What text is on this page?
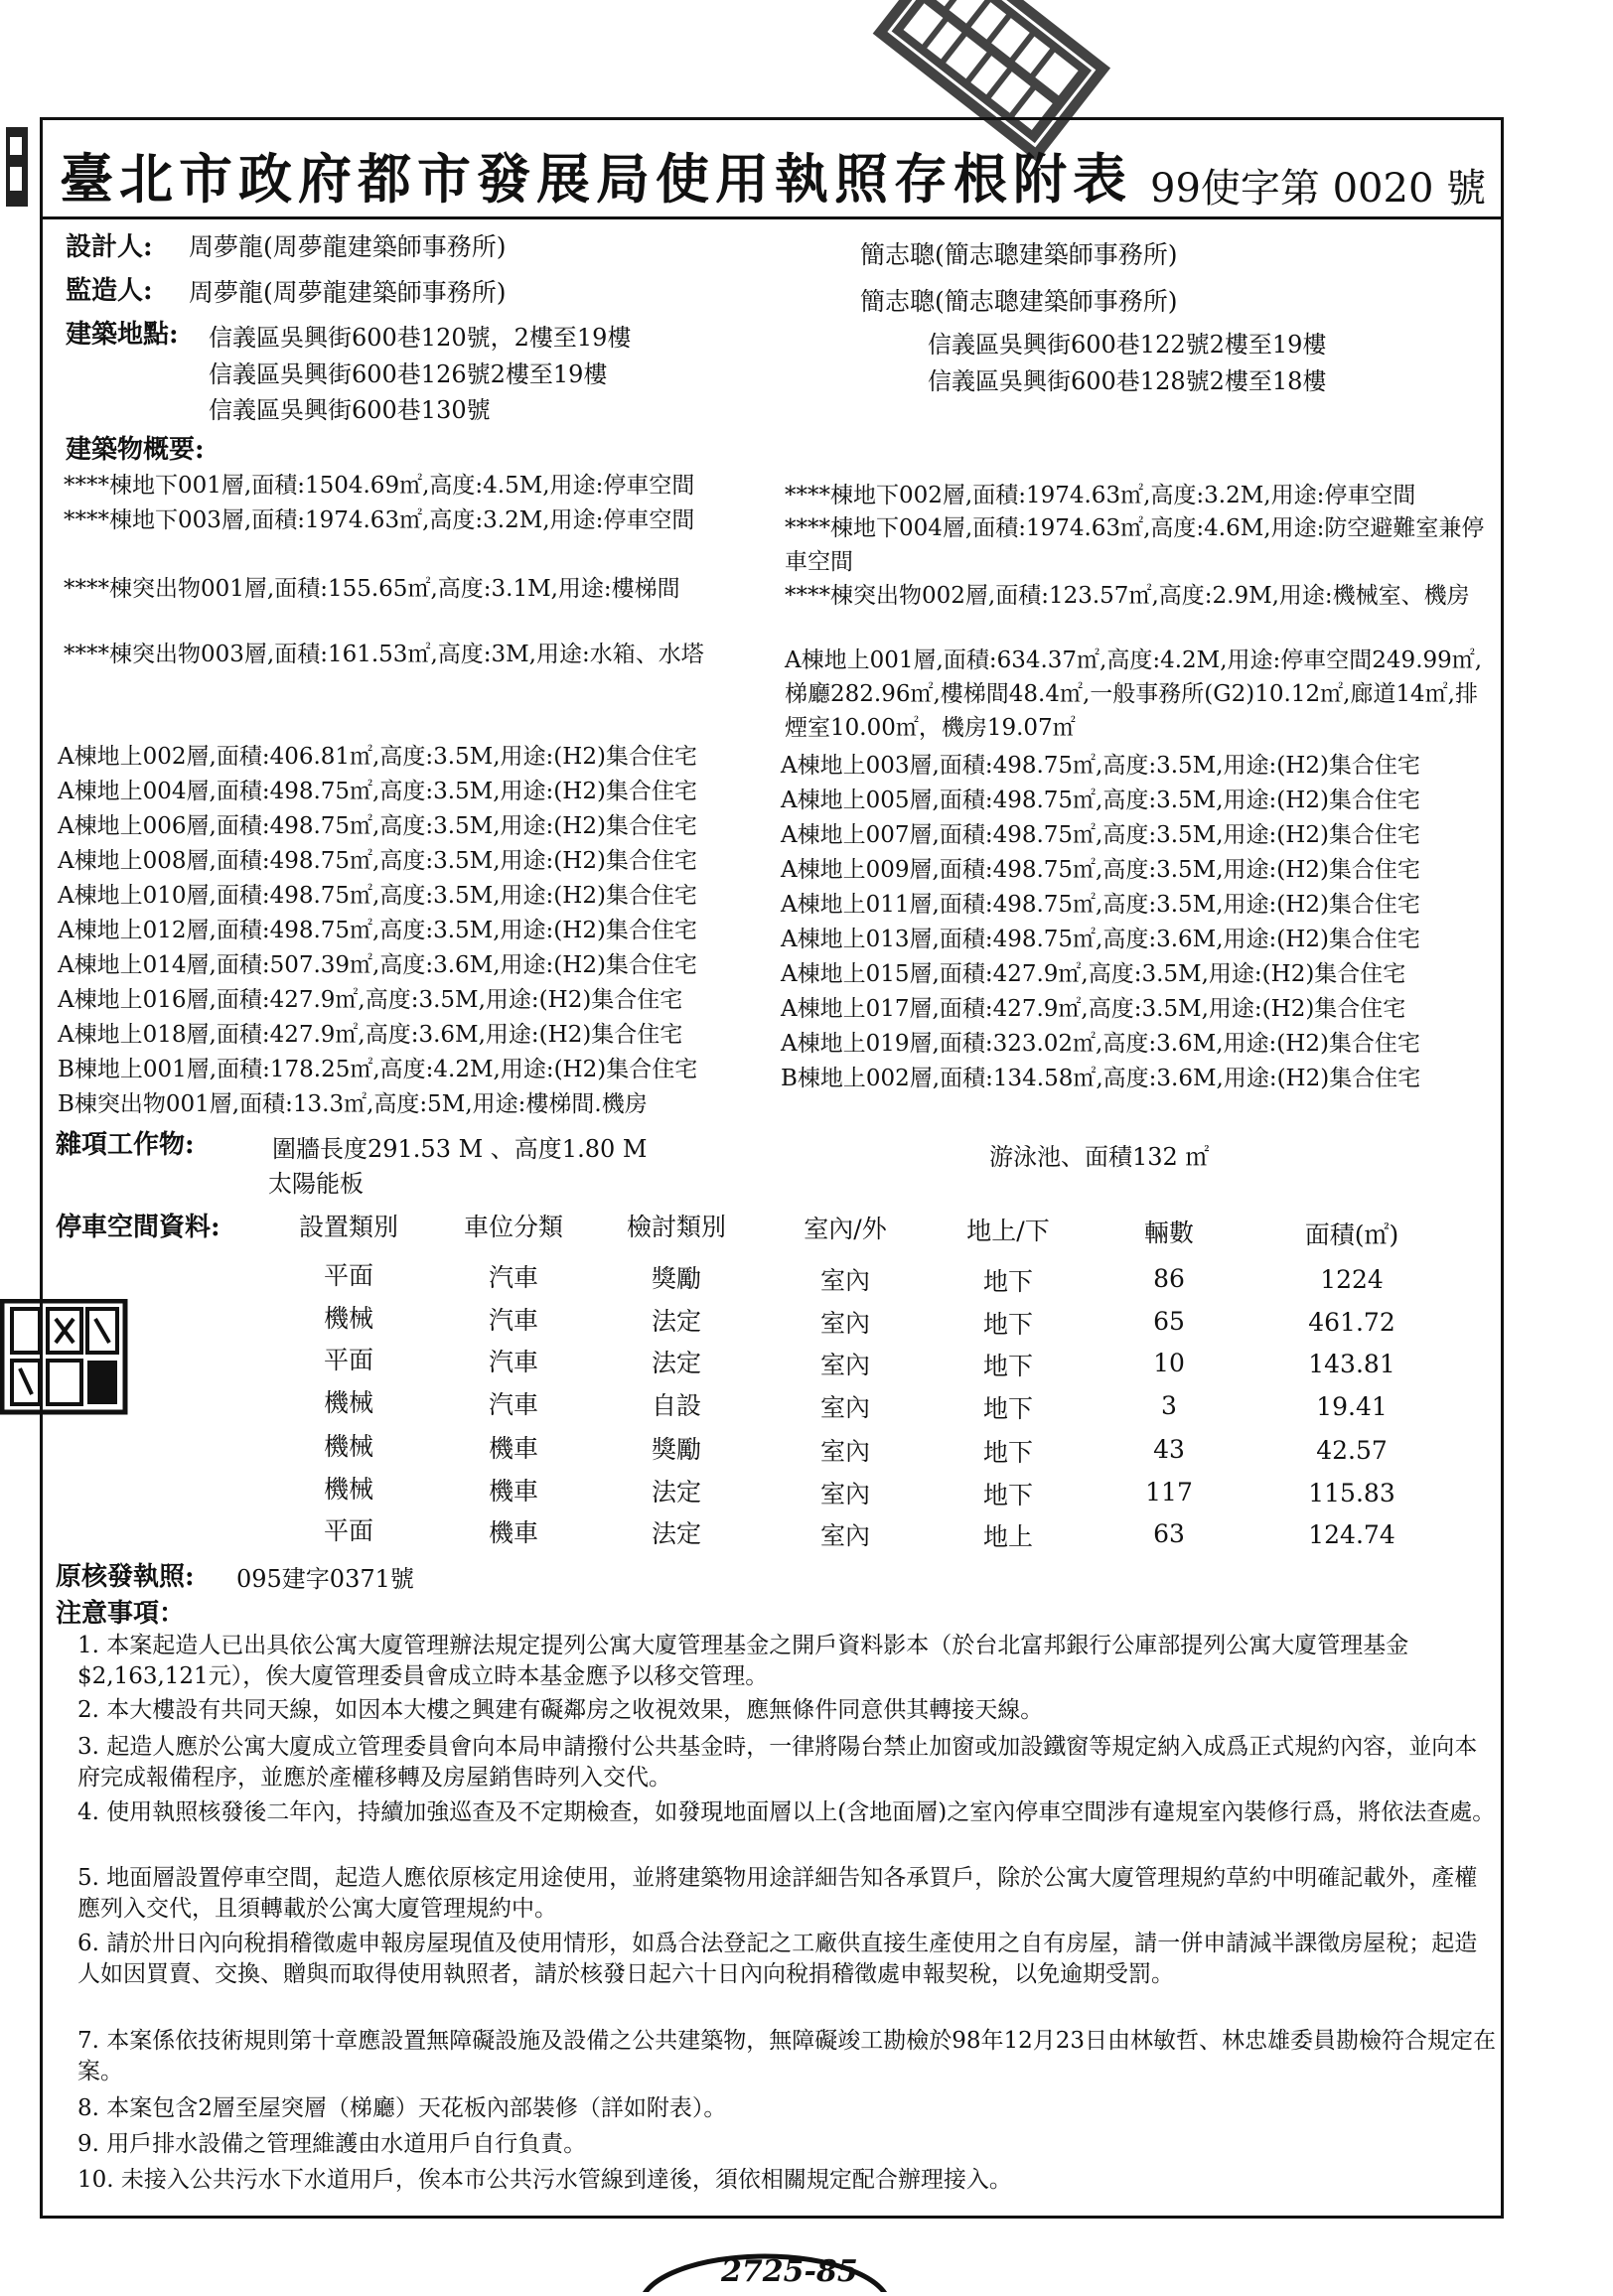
臺北市政府都市發展局使用執照存根附表 99使字第 0020 號
設計人: 周夢龍(周夢龍建築師事務所)	簡志聰(簡志聰建築師事務所)
監造人: 周夢龍(周夢龍建築師事務所)	簡志聰(簡志聰建築師事務所)
建築地點: 信義區吳興街600巷120號，2樓至19樓
信義區吳興街600巷126號2樓至19樓
信義區吳興街600巷130號
信義區吳興街600巷122號2樓至19樓
信義區吳興街600巷128號2樓至18樓
建築物概要:
****棟地下001層,面積:1504.69㎡,高度:4.5M,用途:停車空間
****棟地下003層,面積:1974.63㎡,高度:3.2M,用途:停車空間
****棟突出物001層,面積:155.65㎡,高度:3.1M,用途:樓梯間
****棟突出物003層,面積:161.53㎡,高度:3M,用途:水箱、水塔
A棟地上002層,面積:406.81㎡,高度:3.5M,用途:(H2)集合住宅
A棟地上004層,面積:498.75㎡,高度:3.5M,用途:(H2)集合住宅
A棟地上006層,面積:498.75㎡,高度:3.5M,用途:(H2)集合住宅
A棟地上008層,面積:498.75㎡,高度:3.5M,用途:(H2)集合住宅
A棟地上010層,面積:498.75㎡,高度:3.5M,用途:(H2)集合住宅
A棟地上012層,面積:498.75㎡,高度:3.5M,用途:(H2)集合住宅
A棟地上014層,面積:507.39㎡,高度:3.6M,用途:(H2)集合住宅
A棟地上016層,面積:427.9㎡,高度:3.5M,用途:(H2)集合住宅
A棟地上018層,面積:427.9㎡,高度:3.6M,用途:(H2)集合住宅
B棟地上001層,面積:178.25㎡,高度:4.2M,用途:(H2)集合住宅
B棟突出物001層,面積:13.3㎡,高度:5M,用途:樓梯間.機房
****棟地下002層,面積:1974.63㎡,高度:3.2M,用途:停車空間
****棟地下004層,面積:1974.63㎡,高度:4.6M,用途:防空避難室兼停車空間
****棟突出物002層,面積:123.57㎡,高度:2.9M,用途:機械室、機房
A棟地上001層,面積:634.37㎡,高度:4.2M,用途:停車空間249.99㎡,梯廳282.96㎡,樓梯間48.4㎡,一般事務所(G2)10.12㎡,廊道14㎡,排煙室10.00㎡，機房19.07㎡
A棟地上003層,面積:498.75㎡,高度:3.5M,用途:(H2)集合住宅
A棟地上005層,面積:498.75㎡,高度:3.5M,用途:(H2)集合住宅
A棟地上007層,面積:498.75㎡,高度:3.5M,用途:(H2)集合住宅
A棟地上009層,面積:498.75㎡,高度:3.5M,用途:(H2)集合住宅
A棟地上011層,面積:498.75㎡,高度:3.5M,用途:(H2)集合住宅
A棟地上013層,面積:498.75㎡,高度:3.6M,用途:(H2)集合住宅
A棟地上015層,面積:427.9㎡,高度:3.5M,用途:(H2)集合住宅
A棟地上017層,面積:427.9㎡,高度:3.5M,用途:(H2)集合住宅
A棟地上019層,面積:323.02㎡,高度:3.6M,用途:(H2)集合住宅
B棟地上002層,面積:134.58㎡,高度:3.6M,用途:(H2)集合住宅
雜項工作物:	圍牆長度291.53 M 、高度1.80 M
太陽能板
游泳池、面積132 ㎡
停車空間資料:	設置類別	車位分類	檢討類別	室內/外	地上/下	輛數	面積(㎡)
平面	汽車	獎勵	室內	地下	86	1224
機械	汽車	法定	室內	地下	65	461.72
平面	汽車	法定	室內	地下	10	143.81
機械	汽車	自設	室內	地下	3	19.41
機械	機車	獎勵	室內	地下	43	42.57
機械	機車	法定	室內	地下	117	115.83
平面	機車	法定	室內	地上	63	124.74
原核發執照: 095建字0371號
注意事項：
1. 本案起造人已出具依公寓大廈管理辦法規定提列公寓大廈管理基金之開戶資料影本（於台北富邦銀行公庫部提列公寓大廈管理基金$2,163,121元），俟大廈管理委員會成立時本基金應予以移交管理。
2. 本大樓設有共同天線，如因本大樓之興建有礙鄰房之收視效果，應無條件同意供其轉接天線。
3. 起造人應於公寓大廈成立管理委員會向本局申請撥付公共基金時，一律將陽台禁止加窗或加設鐵窗等規定納入成爲正式規約內容，並向本府完成報備程序，並應於產權移轉及房屋銷售時列入交代。
4. 使用執照核發後二年內，持續加強巡查及不定期檢查，如發現地面層以上(含地面層)之室內停車空間涉有違規室內裝修行爲，將依法查處。
5. 地面層設置停車空間，起造人應依原核定用途使用，並將建築物用途詳細告知各承買戶，除於公寓大廈管理規約草約中明確記載外，產權應列入交代，且須轉載於公寓大廈管理規約中。
6. 請於卅日內向稅捐稽徵處申報房屋現值及使用情形，如爲合法登記之工廠供直接生產使用之自有房屋，請一併申請減半課徵房屋稅；起造人如因買賣、交換、贈與而取得使用執照者，請於核發日起六十日內向稅捐稽徵處申報契稅，以免逾期受罰。
7. 本案係依技術規則第十章應設置無障礙設施及設備之公共建築物，無障礙竣工勘檢於98年12月23日由林敏哲、林忠雄委員勘檢符合規定在案。
8. 本案包含2層至屋突層（梯廳）天花板內部裝修（詳如附表）。
9. 用戶排水設備之管理維護由水道用戶自行負責。
10. 未接入公共污水下水道用戶，俟本市公共污水管線到達後，須依相關規定配合辦理接入。
2725-85
